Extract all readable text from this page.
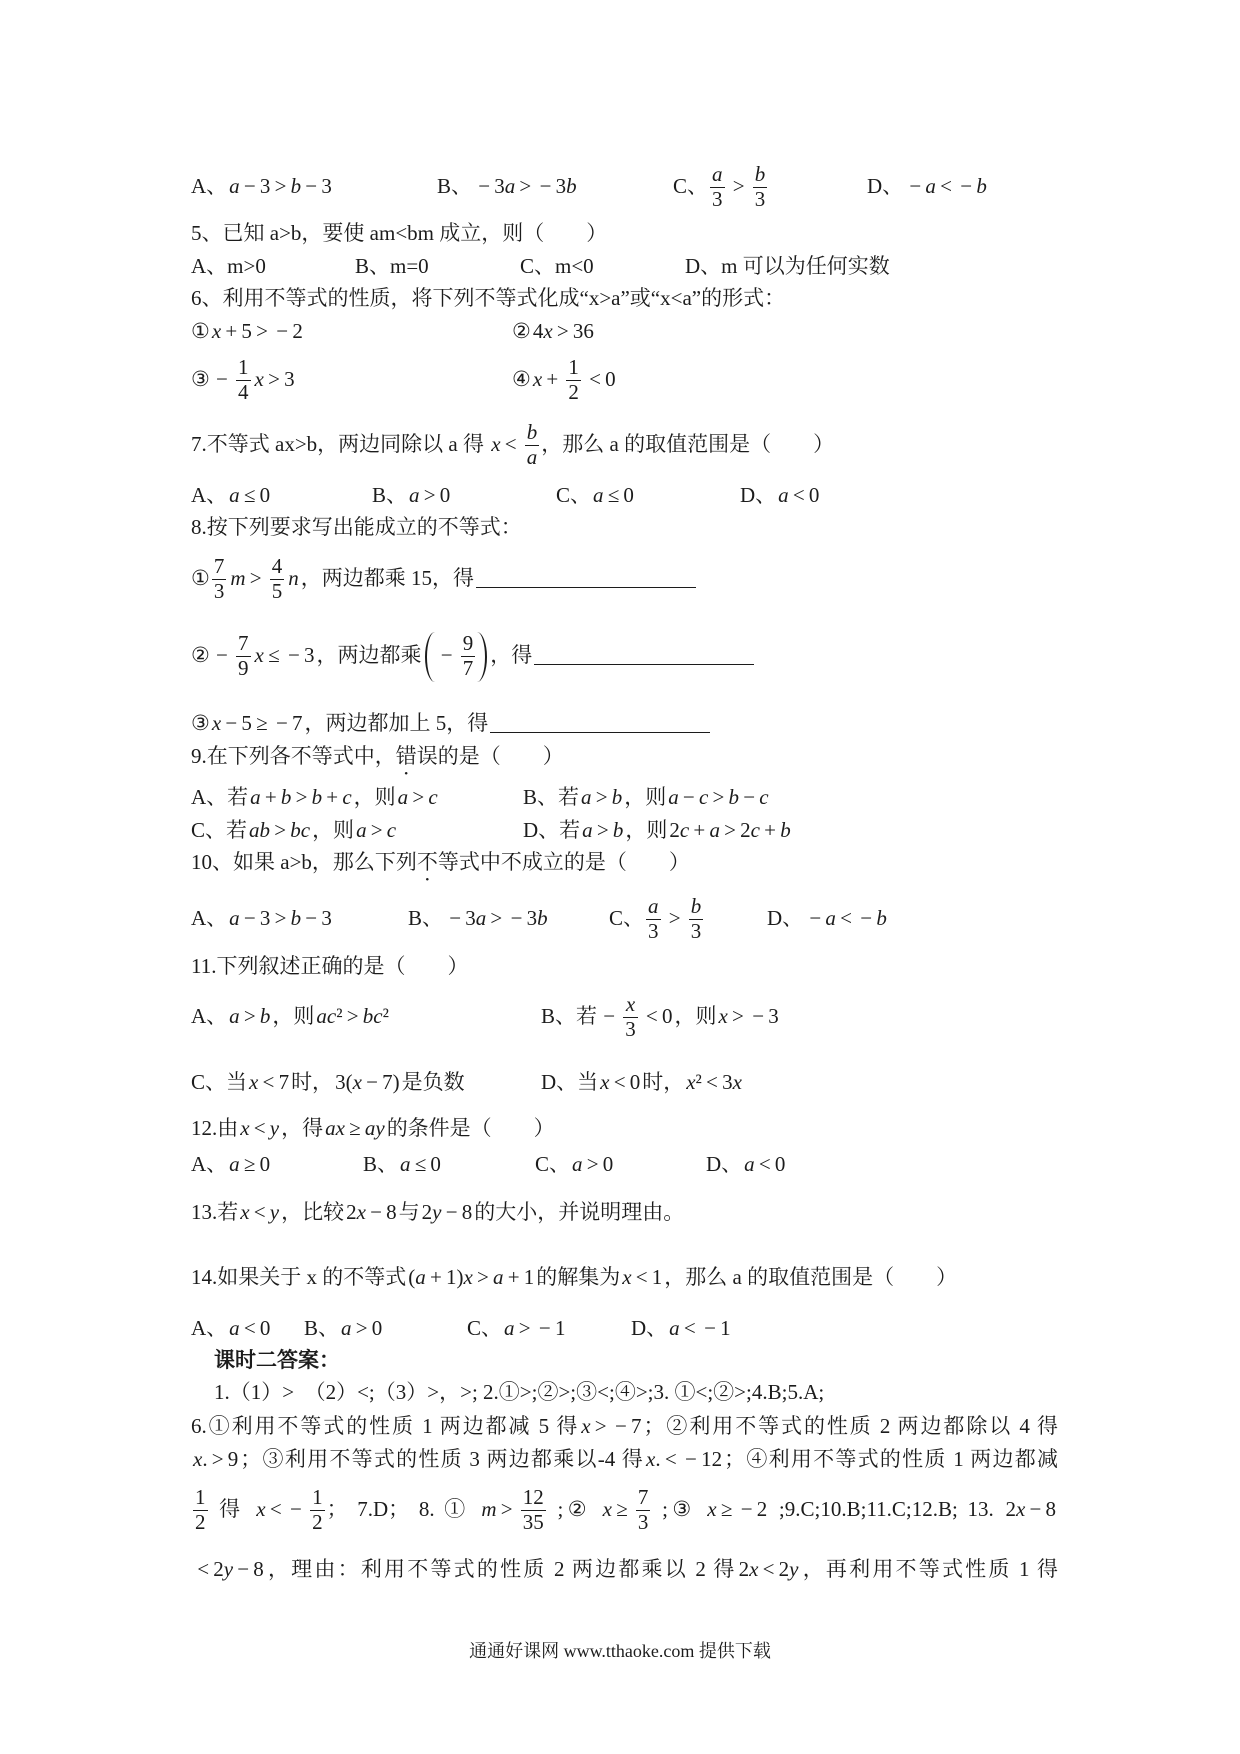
A、a − 3 > b − 3	B、 − 3a > − 3b	C、 $\frac{a}{3} > \frac{b}{3}$	D、 − a < − b
5、已知 a>b，要使 am<bm 成立，则（　　）
A、m>0	B、m=0	C、m<0	D、m 可以为任何实数
6、利用不等式的性质，将下列不等式化成“x>a”或“x<a”的形式：
①x + 5 > − 2	②4x > 36
③ − $\frac{1}{4}$ x > 3	④x + $\frac{1}{2} < 0$
7.不等式 ax>b，两边同除以 a 得 $x < \frac{b}{a}$ ，那么 a 的取值范围是（　　）
A、a ≤ 0	B、a > 0	C、a ≤ 0	D、a < 0
8.按下列要求写出能成立的不等式：
① $\frac{7}{3}$ $m > \frac{4}{5}$ n，两边都乘 15，得
② − $\frac{7}{9}$ x ≤ − 3，两边都乘 − $\frac{9}{7}$ ，得
③x − 5 ≥ − 7，两边都加上 5，得
9.在下列各不等式中，错误的是（　　）
A、若a + b > b + c，则a > c	B、若a > b，则a − c > b − c
C、若ab > bc，则a > c	D、若a > b，则2c + a > 2c + b
10、如果 a>b，那么下列不等式中不成立的是（　　）
A、a − 3 > b − 3	B、 − 3a > − 3b	C、 $\frac{a}{3} > \frac{b}{3}$	D、 − a < − b
11.下列叙述正确的是（　　）
A、a > b，则ac² > bc²	B、若 − $\frac{x}{3} < 0$，则x > − 3
C、当x < 7时，3(x − 7)是负数	D、当x < 0时，x² < 3x
12.由x < y，得ax ≥ ay的条件是（　　）
A、a ≥ 0	B、a ≤ 0	C、a > 0	D、a < 0
13.若x < y，比较2x − 8与2y − 8的大小，并说明理由。
14.如果关于 x 的不等式(a + 1)x > a + 1的解集为x < 1，那么 a 的取值范围是（　　）
A、a < 0 B、a > 0	C、a > − 1	D、a < − 1
课时二答案：
1.（1）>  （2）<;（3）>，>; 2.①>;②>;③<;④>;3. ①<;②>;4.B;5.A;
6.①利用不等式的性质 1 两边都减 5 得x > − 7；②利用不等式的性质 2 两边都除以 4 得
x. > 9；③利用不等式的性质 3 两边都乘以-4 得x. < − 12；④利用不等式的性质 1 两边都减
$\frac{1}{2}$ 得 x < − $\frac{1}{2}$ ； 7.D； 8. ① $m > \frac{12}{35}$ ;② $x \ge \frac{7}{3}$ ;③ x ≥ − 2 ;9.C;10.B;11.C;12.B; 13. 2x − 8
< 2y − 8，理由：利用不等式的性质 2 两边都乘以 2 得2x < 2y，再利用不等式性质 1 得
通通好课网 www.tthaoke.com 提供下载
